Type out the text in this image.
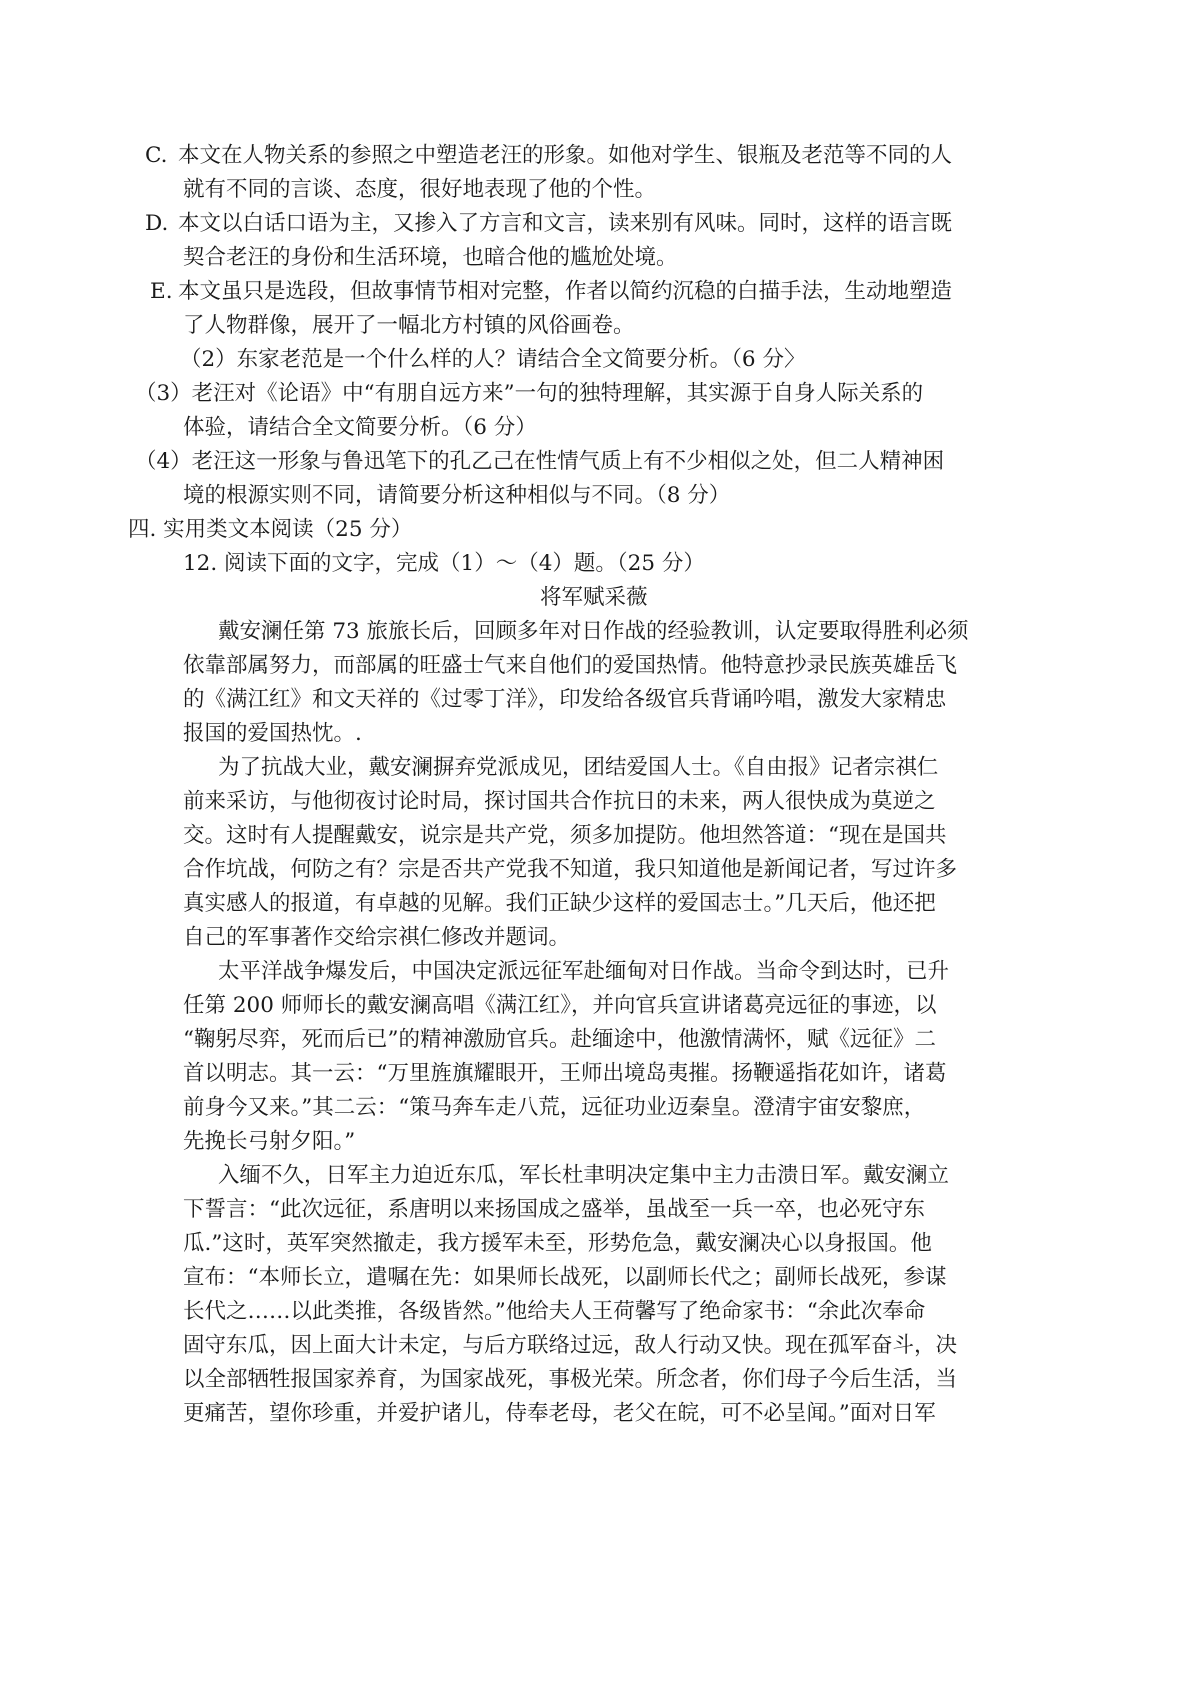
C. 本文在人物关系的参照之中塑造老汪的形象。如他对学生、银瓶及老范等不同的人
就有不同的言谈、态度，很好地表现了他的个性。
D. 本文以白话口语为主，又掺入了方言和文言，读来别有风味。同时，这样的语言既
契合老汪的身份和生活环境，也暗合他的尴尬处境。
E. 本文虽只是选段，但故事情节相对完整，作者以简约沉稳的白描手法，生动地塑造
了人物群像，展开了一幅北方村镇的风俗画卷。
（2）东家老范是一个什么样的人？请结合全文简要分析。（6 分〉
（3）老汪对《论语》中“有朋自远方来”一句的独特理解，其实源于自身人际关系的
体验，请结合全文简要分析。（6 分）
（4）老汪这一形象与鲁迅笔下的孔乙己在性情气质上有不少相似之处，但二人精神困
境的根源实则不同，请简要分析这种相似与不同。（8 分）
四. 实用类文本阅读（25 分）
12. 阅读下面的文字，完成（1）～（4）题。（25 分）
将军赋采薇
戴安澜任第 73 旅旅长后，回顾多年对日作战的经验教训，认定要取得胜利必须
依靠部属努力，而部属的旺盛士气来自他们的爱国热情。他特意抄录民族英雄岳飞
的《满江红》和文天祥的《过零丁洋》，印发给各级官兵背诵吟唱，激发大家精忠
报国的爱国热忱。.
为了抗战大业，戴安澜摒弃党派成见，团结爱国人士。《自由报》记者宗祺仁
前来采访，与他彻夜讨论时局，探讨国共合作抗日的未来，两人很快成为莫逆之
交。这时有人提醒戴安，说宗是共产党，须多加提防。他坦然答道：“现在是国共
合作坑战，何防之有？宗是否共产党我不知道，我只知道他是新闻记者，写过许多
真实感人的报道，有卓越的见解。我们正缺少这样的爱国志士。”几天后，他还把
自己的军事著作交给宗祺仁修改并题词。
太平洋战争爆发后，中国决定派远征军赴缅甸对日作战。当命令到达时，已升
任第 200 师师长的戴安澜高唱《满江红》，并向官兵宣讲诸葛亮远征的事迹，以
“鞠躬尽弈，死而后已”的精神激励官兵。赴缅途中，他激情满怀，赋《远征》二
首以明志。其一云：“万里旌旗耀眼开，王师出境岛夷摧。扬鞭遥指花如许，诸葛
前身今又来。”其二云：“策马奔车走八荒，远征功业迈秦皇。澄清宇宙安黎庶，
先挽长弓射夕阳。”
入缅不久，日军主力迫近东瓜，军长杜聿明决定集中主力击溃日军。戴安澜立
下誓言：“此次远征，系唐明以来扬国成之盛举，虽战至一兵一卒，也必死守东
瓜.”这时，英军突然撤走，我方援军未至，形势危急，戴安澜决心以身报国。他
宣布：“本师长立，遣嘱在先：如果师长战死，以副师长代之；副师长战死，参谋
长代之……以此类推，各级皆然。”他给夫人王荷馨写了绝命家书：“余此次奉命
固守东瓜，因上面大计未定，与后方联络过远，敌人行动又快。现在孤军奋斗，决
以全部牺牲报国家养育，为国家战死，事极光荣。所念者，你们母子今后生活，当
更痛苦，望你珍重，并爱护诸儿，侍奉老母，老父在皖，可不必呈闻。”面对日军
